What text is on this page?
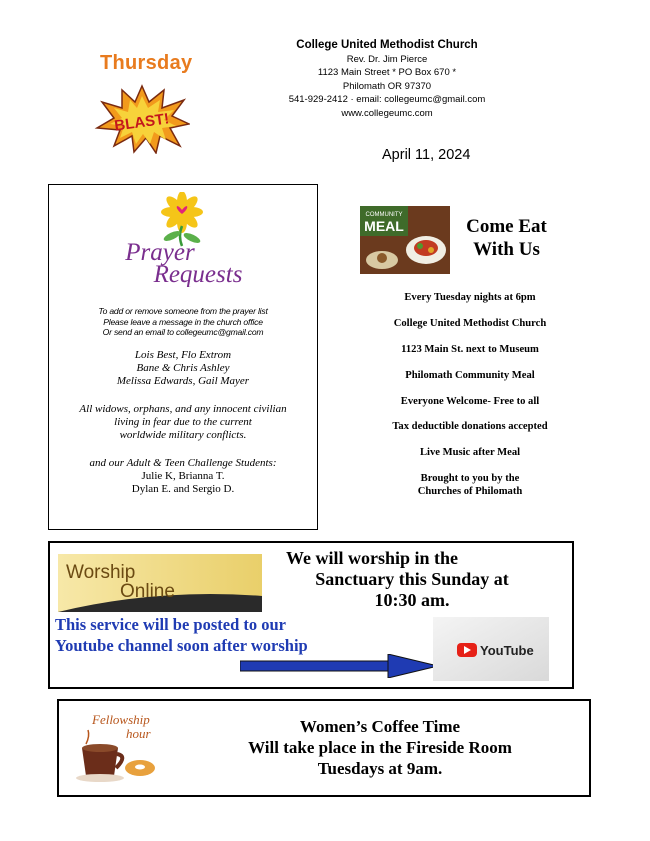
Thursday
BLAST!
College United Methodist Church
Rev. Dr. Jim Pierce
1123 Main Street * PO Box 670 *
Philomath OR 97370
541-929-2412 · email: collegeumc@gmail.com
www.collegeumc.com
April 11, 2024
Prayer
Requests
To add or remove someone from the prayer list
Please leave a message in the church office
Or send an email to collegeumc@gmail.com
Lois Best, Flo Extrom
Bane & Chris Ashley
Melissa Edwards, Gail Mayer
All widows, orphans, and any innocent civilian
living in fear due to the current
worldwide military conflicts.
and our Adult & Teen Challenge Students:
Julie K, Brianna T.
Dylan E. and Sergio D.
COMMUNITY
MEAL	Come Eat
With Us
Every Tuesday nights at 6pm
College United Methodist Church
1123 Main St. next to Museum
Philomath Community Meal
Everyone Welcome- Free to all
Tax deductible donations accepted
Live Music after Meal
Brought to you by the
Churches of Philomath
Worship
Online
We will worship in the
Sanctuary this Sunday at
10:30 am.
This service will be posted to our
Youtube channel soon after worship	YouTube
Fellowship
hour	Women’s Coffee Time
Will take place in the Fireside Room
Tuesdays at 9am.
